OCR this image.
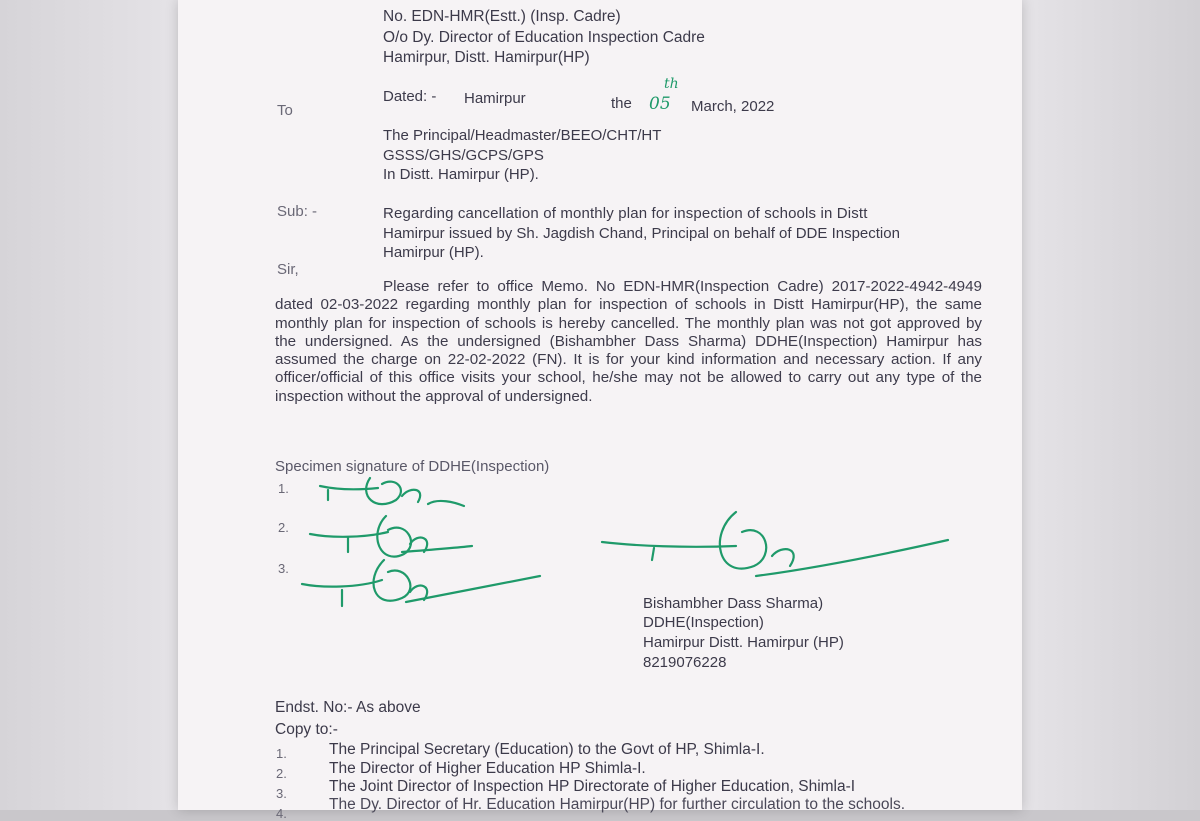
No. EDN-HMR(Estt.) (Insp. Cadre)
O/o Dy. Director of Education Inspection Cadre
Hamirpur, Distt. Hamirpur(HP)
Dated: - Hamirpur	the 05
th
March, 2022
To
The Principal/Headmaster/BEEO/CHT/HT
GSSS/GHS/GCPS/GPS
In Distt. Hamirpur (HP).
Sub: -	Regarding cancellation of monthly plan for inspection of schools in Distt
Hamirpur issued by Sh. Jagdish Chand, Principal on behalf of DDE Inspection
Hamirpur (HP).
Sir,
Please refer to office Memo. No EDN-HMR(Inspection Cadre) 2017-2022-4942-4949 dated 02-03-2022 regarding monthly plan for inspection of schools in Distt Hamirpur(HP), the same monthly plan for inspection of schools is hereby cancelled. The monthly plan was not got approved by the undersigned. As the undersigned (Bishambher Dass Sharma) DDHE(Inspection) Hamirpur has assumed the charge on 22-02-2022 (FN). It is for your kind information and necessary action. If any officer/official of this office visits your school, he/she may not be allowed to carry out any type of the inspection without the approval of undersigned.
Specimen signature of DDHE(Inspection)
1.
2.
3.
Bishambher Dass Sharma)
DDHE(Inspection)
Hamirpur Distt. Hamirpur (HP)
8219076228
Endst. No:- As above
Copy to:-
1.	The Principal Secretary (Education) to the Govt of HP, Shimla-I.
2.	The Director of Higher Education HP Shimla-I.
3.	The Joint Director of Inspection HP Directorate of Higher Education, Shimla-I
4.
The Dy. Director of Hr. Education Hamirpur(HP) for further circulation to the schools.
